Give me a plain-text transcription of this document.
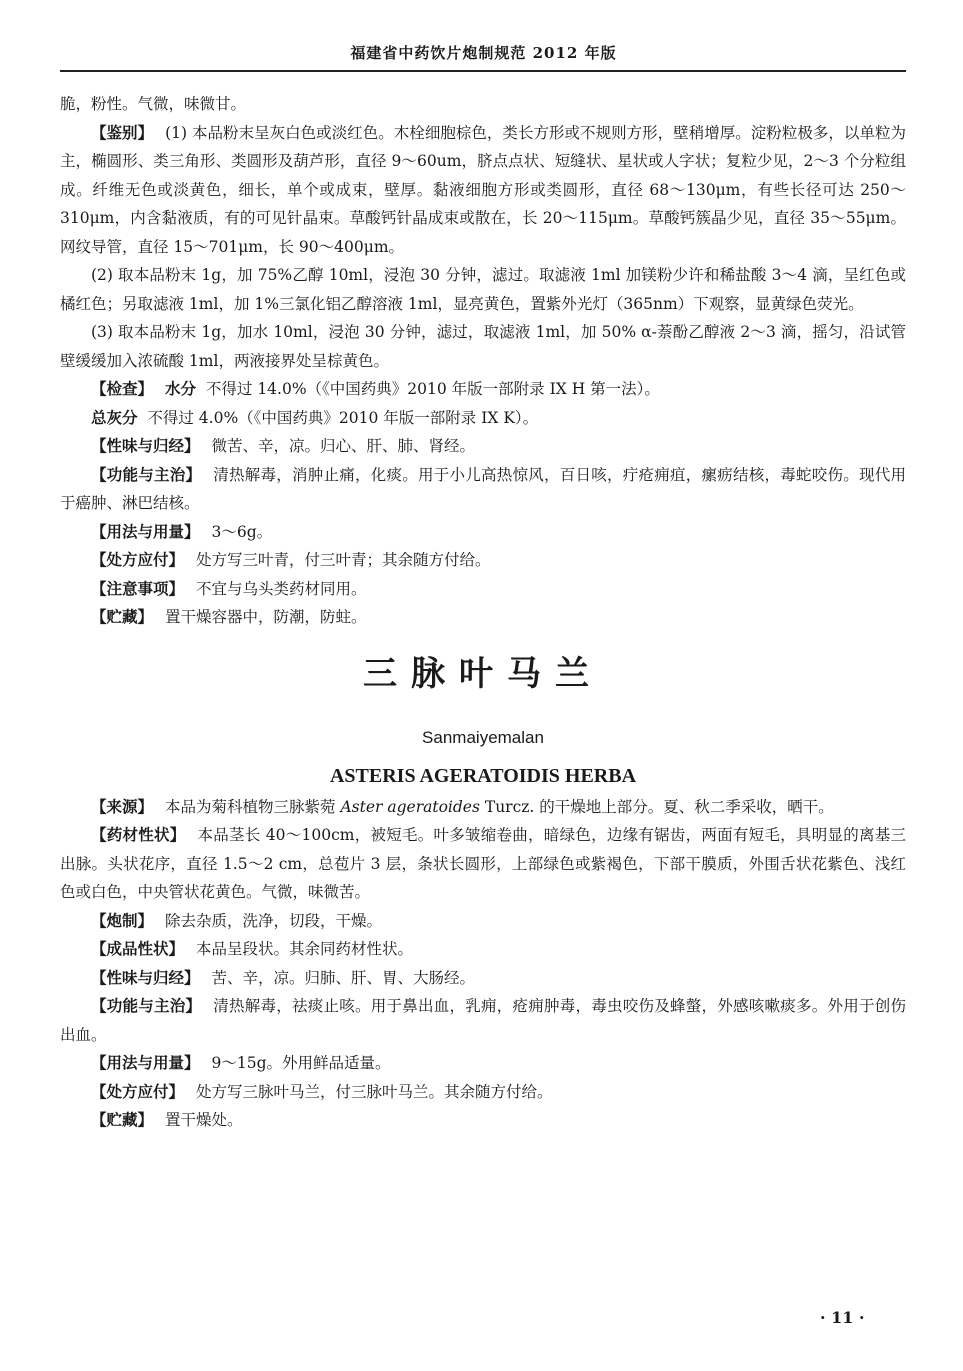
福建省中药饮片炮制规范 2012 年版

脆，粉性。气微，味微甘。

【鉴别】 (1) 本品粉末呈灰白色或淡红色。木栓细胞棕色，类长方形或不规则方形，壁稍增厚。淀粉粒极多，以单粒为主，椭圆形、类三角形、类圆形及葫芦形，直径 9～60um，脐点点状、短缝状、星状或人字状；复粒少见，2～3 个分粒组成。纤维无色或淡黄色，细长，单个或成束，壁厚。黏液细胞方形或类圆形，直径 68～130μm，有些长径可达 250～310μm，内含黏液质，有的可见针晶束。草酸钙针晶成束或散在，长 20～115μm。草酸钙簇晶少见，直径 35～55μm。网纹导管，直径 15～701μm，长 90～400μm。

(2) 取本品粉末 1g，加 75%乙醇 10ml，浸泡 30 分钟，滤过。取滤液 1ml 加镁粉少许和稀盐酸 3～4 滴，呈红色或橘红色；另取滤液 1ml，加 1%三氯化铝乙醇溶液 1ml，显亮黄色，置紫外光灯（365nm）下观察，显黄绿色荧光。

(3) 取本品粉末 1g，加水 10ml，浸泡 30 分钟，滤过，取滤液 1ml，加 50% α-萘酚乙醇液 2～3 滴，摇匀，沿试管壁缓缓加入浓硫酸 1ml，两液接界处呈棕黄色。

【检查】 水分 不得过 14.0%（《中国药典》2010 年版一部附录 IX H 第一法）。

总灰分 不得过 4.0%（《中国药典》2010 年版一部附录 IX K）。

【性味与归经】 微苦、辛，凉。归心、肝、肺、肾经。

【功能与主治】 清热解毒，消肿止痛，化痰。用于小儿高热惊风，百日咳，疔疮痈疽，瘰疬结核，毒蛇咬伤。现代用于癌肿、淋巴结核。

【用法与用量】 3～6g。

【处方应付】 处方写三叶青，付三叶青；其余随方付给。

【注意事项】 不宜与乌头类药材同用。

【贮藏】 置干燥容器中，防潮，防蛀。

三脉叶马兰
Sanmaiyemalan
ASTERIS AGERATOIDIS HERBA

【来源】 本品为菊科植物三脉紫菀 Aster ageratoides Turcz. 的干燥地上部分。夏、秋二季采收，晒干。

【药材性状】 本品茎长 40～100cm，被短毛。叶多皱缩卷曲，暗绿色，边缘有锯齿，两面有短毛，具明显的离基三出脉。头状花序，直径 1.5～2 cm，总苞片 3 层，条状长圆形，上部绿色或紫褐色，下部干膜质，外围舌状花紫色、浅红色或白色，中央管状花黄色。气微，味微苦。

【炮制】 除去杂质，洗净，切段，干燥。

【成品性状】 本品呈段状。其余同药材性状。

【性味与归经】 苦、辛，凉。归肺、肝、胃、大肠经。

【功能与主治】 清热解毒，祛痰止咳。用于鼻出血，乳痈，疮痈肿毒，毒虫咬伤及蜂螫，外感咳嗽痰多。外用于创伤出血。

【用法与用量】 9～15g。外用鲜品适量。

【处方应付】 处方写三脉叶马兰，付三脉叶马兰。其余随方付给。

【贮藏】 置干燥处。

· 11 ·
